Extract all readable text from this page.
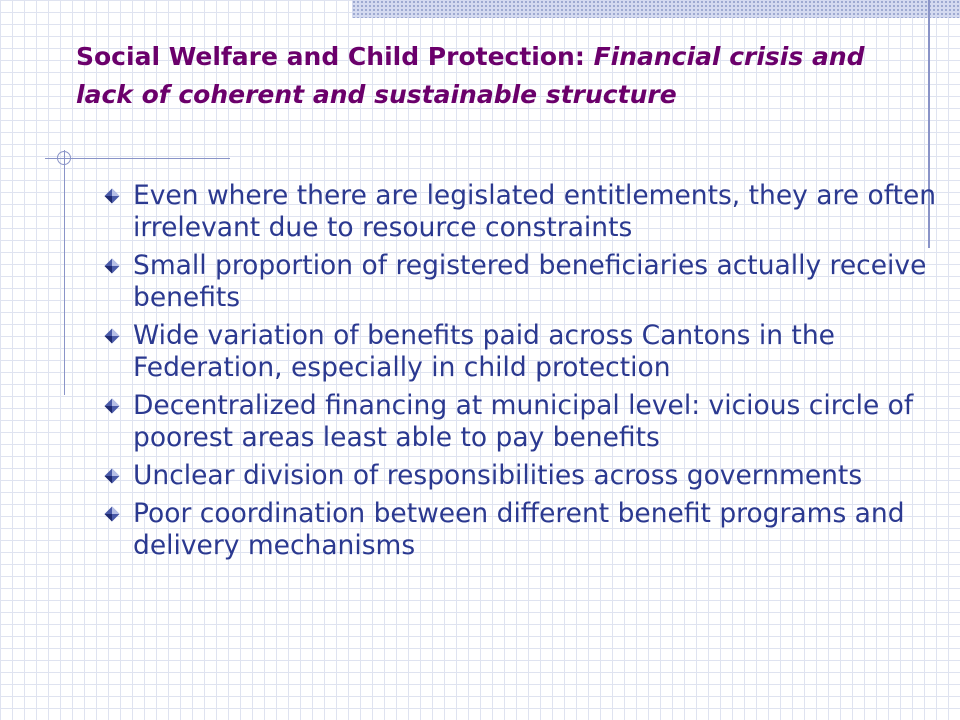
Social Welfare and Child Protection: Financial crisis and lack of coherent and sustainable structure
Even where there are legislated entitlements, they are often irrelevant due to resource constraints
Small proportion of registered beneficiaries actually receive benefits
Wide variation of benefits paid across Cantons in the Federation, especially in child protection
Decentralized financing at municipal level: vicious circle of poorest areas least able to pay benefits
Unclear division of responsibilities across governments
Poor coordination between different benefit programs and delivery mechanisms
